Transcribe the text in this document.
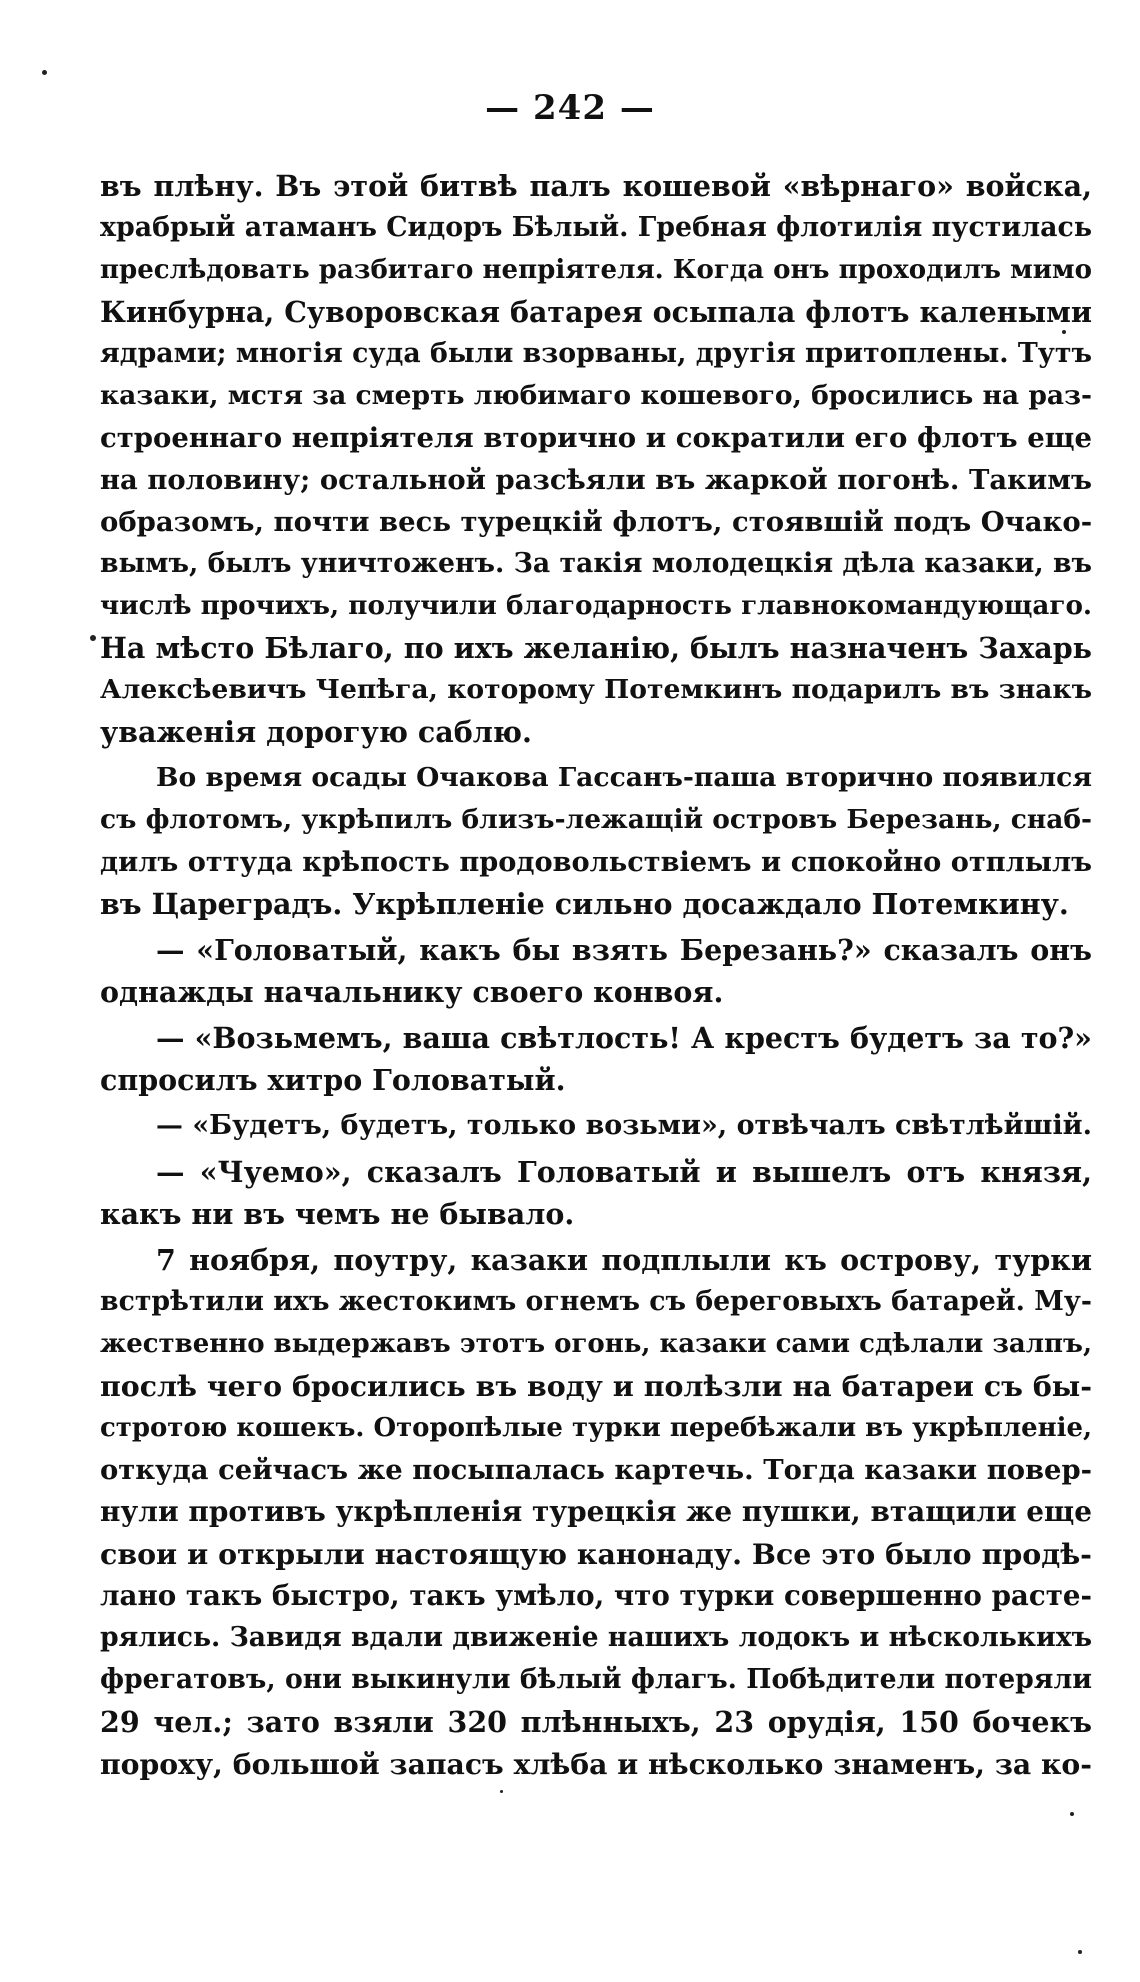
— 242 —
въ плѣну. Въ этой битвѣ палъ кошевой «вѣрнаго» войска,
храбрый атаманъ Сидоръ Бѣлый. Гребная флотилія пустилась
преслѣдовать разбитаго непріятеля. Когда онъ проходилъ мимо
Кинбурна, Суворовская батарея осыпала флотъ калеными
ядрами; многія суда были взорваны, другія притоплены. Тутъ
казаки, мстя за смерть любимаго кошевого, бросились на раз-
строеннаго непріятеля вторично и сократили его флотъ еще
на половину; остальной разсѣяли въ жаркой погонѣ. Такимъ
образомъ, почти весь турецкій флотъ, стоявшій подъ Очако-
вымъ, былъ уничтоженъ. За такія молодецкія дѣла казаки, въ
числѣ прочихъ, получили благодарность главнокомандующаго.
На мѣсто Бѣлаго, по ихъ желанію, былъ назначенъ Захарь
Алексѣевичъ Чепѣга, которому Потемкинъ подарилъ въ знакъ
уваженія дорогую саблю.
Во время осады Очакова Гассанъ-паша вторично появился
съ флотомъ, укрѣпилъ близъ-лежащій островъ Березань, снаб-
дилъ оттуда крѣпость продовольствіемъ и спокойно отплылъ
въ Цареградъ. Укрѣпленіе сильно досаждало Потемкину.
— «Головатый, какъ бы взять Березань?» сказалъ онъ
однажды начальнику своего конвоя.
— «Возьмемъ, ваша свѣтлость! А крестъ будетъ за то?»
спросилъ хитро Головатый.
— «Будетъ, будетъ, только возьми», отвѣчалъ свѣтлѣйшій.
— «Чуемо», сказалъ Головатый и вышелъ отъ князя,
какъ ни въ чемъ не бывало.
7 ноября, поутру, казаки подплыли къ острову, турки
встрѣтили ихъ жестокимъ огнемъ съ береговыхъ батарей. Му-
жественно выдержавъ этотъ огонь, казаки сами сдѣлали залпъ,
послѣ чего бросились въ воду и полѣзли на батареи съ бы-
стротою кошекъ. Оторопѣлые турки перебѣжали въ укрѣпленіе,
откуда сейчасъ же посыпалась картечь. Тогда казаки повер-
нули противъ укрѣпленія турецкія же пушки, втащили еще
свои и открыли настоящую канонаду. Все это было продѣ-
лано такъ быстро, такъ умѣло, что турки совершенно расте-
рялись. Завидя вдали движеніе нашихъ лодокъ и нѣсколькихъ
фрегатовъ, они выкинули бѣлый флагъ. Побѣдители потеряли
29 чел.; зато взяли 320 плѣнныхъ, 23 орудія, 150 бочекъ
пороху, большой запасъ хлѣба и нѣсколько знаменъ, за ко-
